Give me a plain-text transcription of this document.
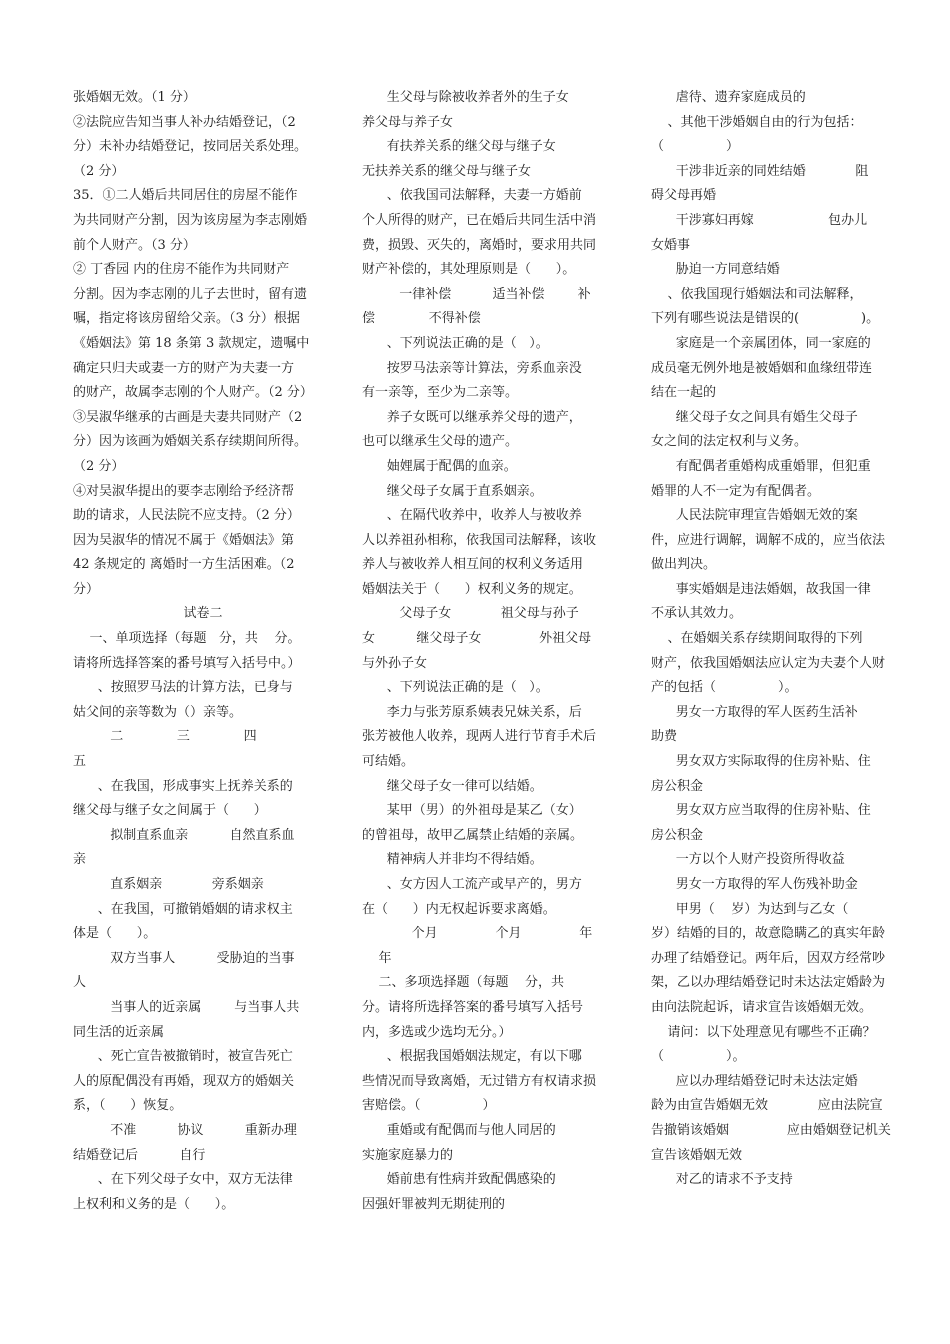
张婚姻无效。（1 分）
②法院应告知当事人补办结婚登记，（2
分）未补办结婚登记，按同居关系处理。
（2 分）
35．①二人婚后共同居住的房屋不能作
为共同财产分割，因为该房屋为李志刚婚
前个人财产。（3 分）
② 丁香园 内的住房不能作为共同财产
分割。因为李志刚的儿子去世时，留有遗
嘱，指定将该房留给父亲。（3 分）根据
《婚姻法》第 18 条第 3 款规定，遗嘱中
确定只归夫或妻一方的财产为夫妻一方
的财产，故属李志刚的个人财产。（2 分）
③吴淑华继承的古画是夫妻共同财产（2
分）因为该画为婚姻关系存续期间所得。
（2 分）
④对吴淑华提出的要李志刚给予经济帮
助的请求，人民法院不应支持。（2 分）
因为吴淑华的情况不属于《婚姻法》第
42 条规定的 离婚时一方生活困难。（2
分）
试卷二
一、单项选择（每题   分，共    分。
请将所选择答案的番号填写入括号中。）
、按照罗马法的计算方法，已身与
姑父间的亲等数为（）亲等。
二             三             四
五
、在我国，形成事实上抚养关系的
继父母与继子女之间属于（      ）
拟制直系血亲          自然直系血
亲
直系姻亲            旁系姻亲
、在我国，可撤销婚姻的请求权主
体是（      ）。
双方当事人          受胁迫的当事
人
当事人的近亲属        与当事人共
同生活的近亲属
、死亡宣告被撤销时，被宣告死亡
人的原配偶没有再婚，现双方的婚姻关
系，（      ）恢复。
不准          协议          重新办理
结婚登记后          自行
、在下列父母子女中，双方无法律
上权利和义务的是（      ）。
生父母与除被收养者外的生子女
养父母与养子女
有扶养关系的继父母与继子女
无扶养关系的继父母与继子女
、依我国司法解释，夫妻一方婚前
个人所得的财产，已在婚后共同生活中消
费，损毁、灭失的，离婚时，要求用共同
财产补偿的，其处理原则是（      ）。
一律补偿          适当补偿        补
偿             不得补偿
、下列说法正确的是（   ）。
按罗马法亲等计算法，旁系血亲没
有一亲等，至少为二亲等。
养子女既可以继承养父母的遗产，
也可以继承生父母的遗产。
妯娌属于配偶的血亲。
继父母子女属于直系姻亲。
、在隔代收养中，收养人与被收养
人以养祖孙相称，依我国司法解释，该收
养人与被收养人相互间的权利义务适用
婚姻法关于（      ）权利义务的规定。
父母子女            祖父母与孙子
女          继父母子女              外祖父母
与外孙子女
、下列说法正确的是（   ）。
李力与张芳原系姨表兄妹关系，后
张芳被他人收养，现两人进行节育手术后
可结婚。
继父母子女一律可以结婚。
某甲（男）的外祖母是某乙（女）
的曾祖母，故甲乙属禁止结婚的亲属。
精神病人并非均不得结婚。
、女方因人工流产或早产的，男方
在（      ）内无权起诉要求离婚。
个月              个月              年
年
二、多项选择题（每题    分，共
分。请将所选择答案的番号填写入括号
内，多选或少选均无分。）
、根据我国婚姻法规定，有以下哪
些情况而导致离婚，无过错方有权请求损
害赔偿。（               ）
重婚或有配偶而与他人同居的
实施家庭暴力的
婚前患有性病并致配偶感染的
因强奸罪被判无期徒刑的
虐待、遗弃家庭成员的
、其他干涉婚姻自由的行为包括：
（               ）
干涉非近亲的同姓结婚            阻
碍父母再婚
干涉寡妇再嫁                  包办儿
女婚事
胁迫一方同意结婚
、依我国现行婚姻法和司法解释，
下列有哪些说法是错误的(               )。
家庭是一个亲属团体，同一家庭的
成员毫无例外地是被婚姻和血缘纽带连
结在一起的
继父母子女之间具有婚生父母子
女之间的法定权利与义务。
有配偶者重婚构成重婚罪，但犯重
婚罪的人不一定为有配偶者。
人民法院审理宣告婚姻无效的案
件，应进行调解，调解不成的，应当依法
做出判决。
事实婚姻是违法婚姻，故我国一律
不承认其效力。
、在婚姻关系存续期间取得的下列
财产，依我国婚姻法应认定为夫妻个人财
产的包括（               ）。
男女一方取得的军人医药生活补
助费
男女双方实际取得的住房补贴、住
房公积金
男女双方应当取得的住房补贴、住
房公积金
一方以个人财产投资所得收益
男女一方取得的军人伤残补助金
甲男（    岁）为达到与乙女（
岁）结婚的目的，故意隐瞒乙的真实年龄
办理了结婚登记。两年后，因双方经常吵
架，乙以办理结婚登记时未达法定婚龄为
由向法院起诉，请求宣告该婚姻无效。
请问：以下处理意见有哪些不正确？
（               ）。
应以办理结婚登记时未达法定婚
龄为由宣告婚姻无效            应由法院宣
告撤销该婚姻              应由婚姻登记机关
宣告该婚姻无效
对乙的请求不予支持
